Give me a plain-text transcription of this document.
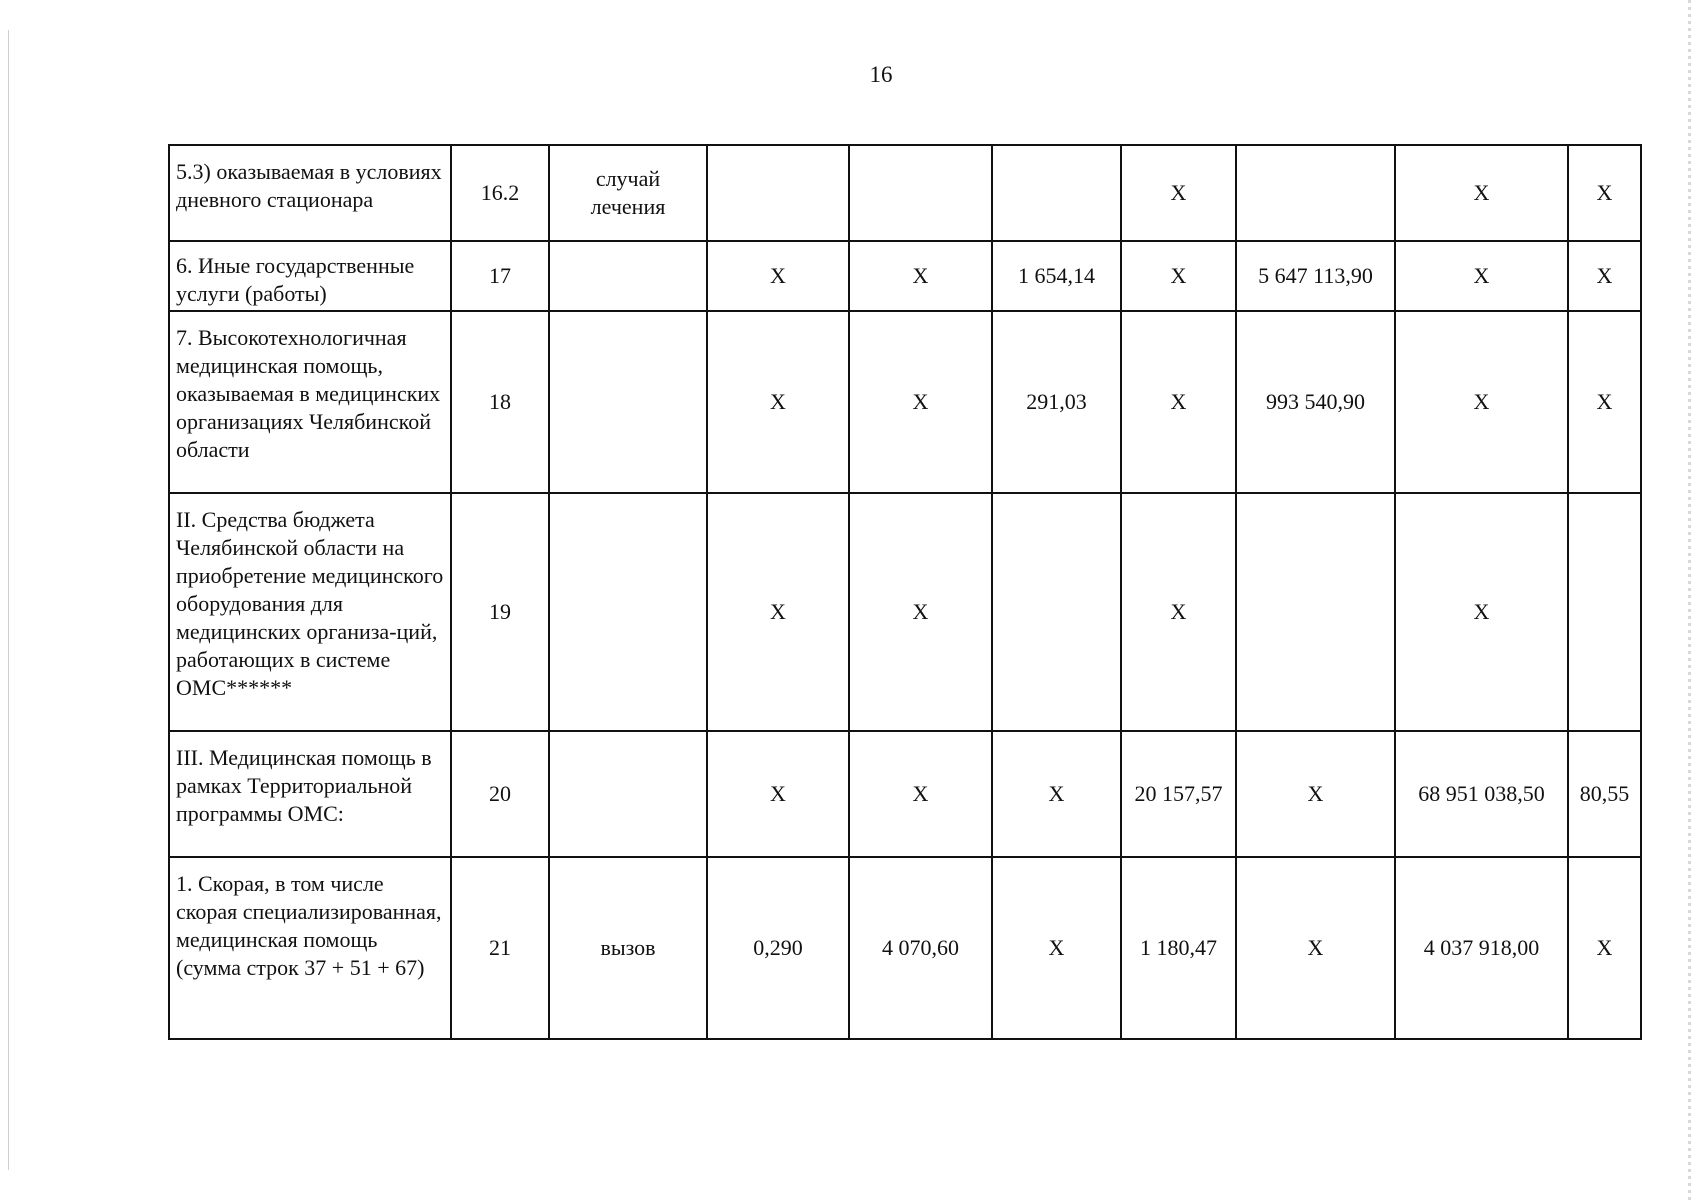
16
5.3) оказываемая в условиях дневного стационара	16.2	случай лечения				Х		Х	Х
6. Иные государственные услуги (работы)	17		Х	Х	1 654,14	Х	5 647 113,90	Х	Х
7. Высокотехнологичная медицинская помощь, оказываемая в медицинских организациях Челябинской области	18		Х	Х	291,03	Х	993 540,90	Х	Х
II. Средства бюджета Челябинской области на приобретение медицинского оборудования для медицинских организа-ций, работающих в системе ОМС******	19		Х	Х		Х		Х	
III. Медицинская помощь в рамках Территориальной программы ОМС:	20		Х	Х	Х	20 157,57	Х	68 951 038,50	80,55
1. Скорая, в том числе скорая специализированная, медицинская помощь (сумма строк 37 + 51 + 67)	21	вызов	0,290	4 070,60	Х	1 180,47	Х	4 037 918,00	Х
